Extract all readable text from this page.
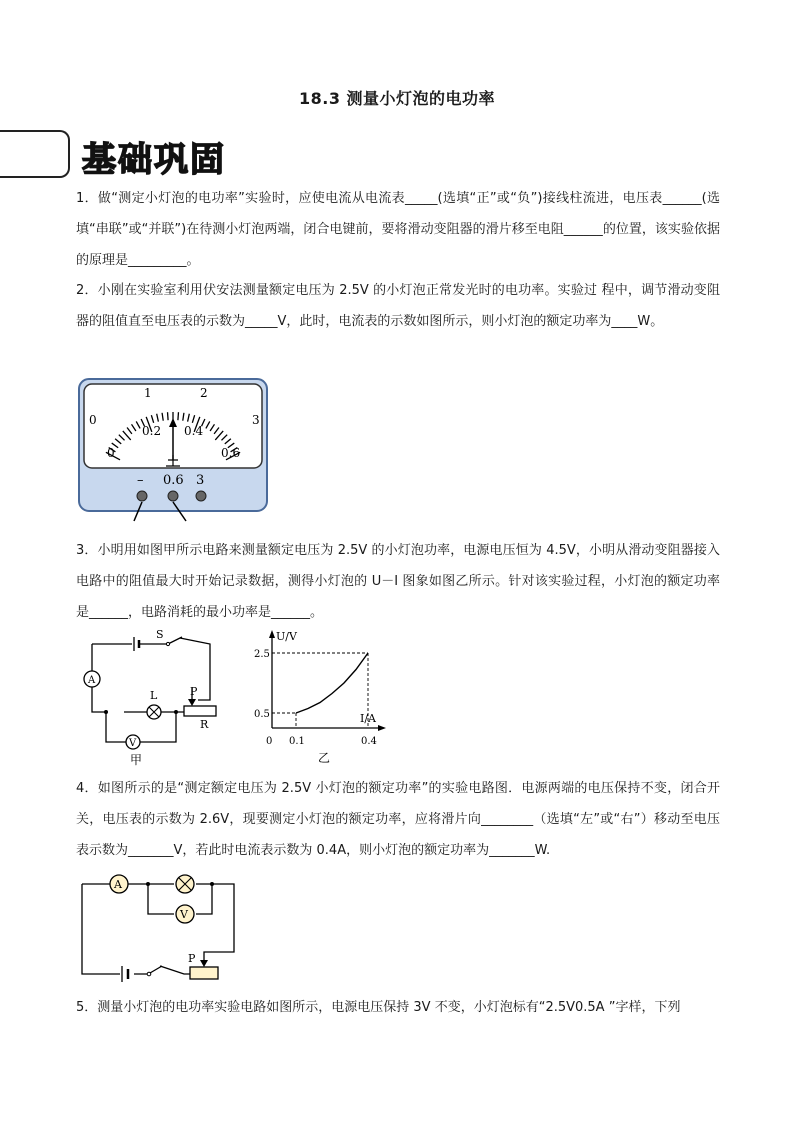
18.3 测量小灯泡的电功率
基础巩固
1．做“测定小灯泡的电功率”实验时，应使电流从电流表_____(选填“正”或“负”)接线柱流进，电压表______(选填“串联”或“并联”)在待测小灯泡两端，闭合电键前，要将滑动变阻器的滑片移至电阻______的位置，该实验依据的原理是_________。
2．小刚在实验室利用伏安法测量额定电压为 2.5V 的小灯泡正常发光时的电功率。实验过 程中，调节滑动变阻器的阻值直至电压表的示数为_____V，此时，电流表的示数如图所示，则小灯泡的额定功率为____W。
0
1	2
3
0
0.2 0.4
0.6
– 0.6 3
3．小明用如图甲所示电路来测量额定电压为 2.5V 的小灯泡功率，电源电压恒为 4.5V，小明从滑动变阻器接入电路中的阻值最大时开始记录数据，测得小灯泡的 U－I 图象如图乙所示。针对该实验过程，小灯泡的额定功率是______，电路消耗的最小功率是______。
S
A
L	P
R
V
甲
U/V
I/A
0 0.1	0.4
2.5
0.5
乙
4．如图所示的是“测定额定电压为 2.5V 小灯泡的额定功率”的实验电路图．电源两端的电压保持不变，闭合开关，电压表的示数为 2.6V，现要测定小灯泡的额定功率，应将滑片向________（选填“左”或“右”）移动至电压表示数为_______V，若此时电流表示数为 0.4A，则小灯泡的额定功率为_______W.
A
V
P
5．测量小灯泡的电功率实验电路如图所示，电源电压保持 3V 不变，小灯泡标有“2.5V0.5A ”字样，下列
